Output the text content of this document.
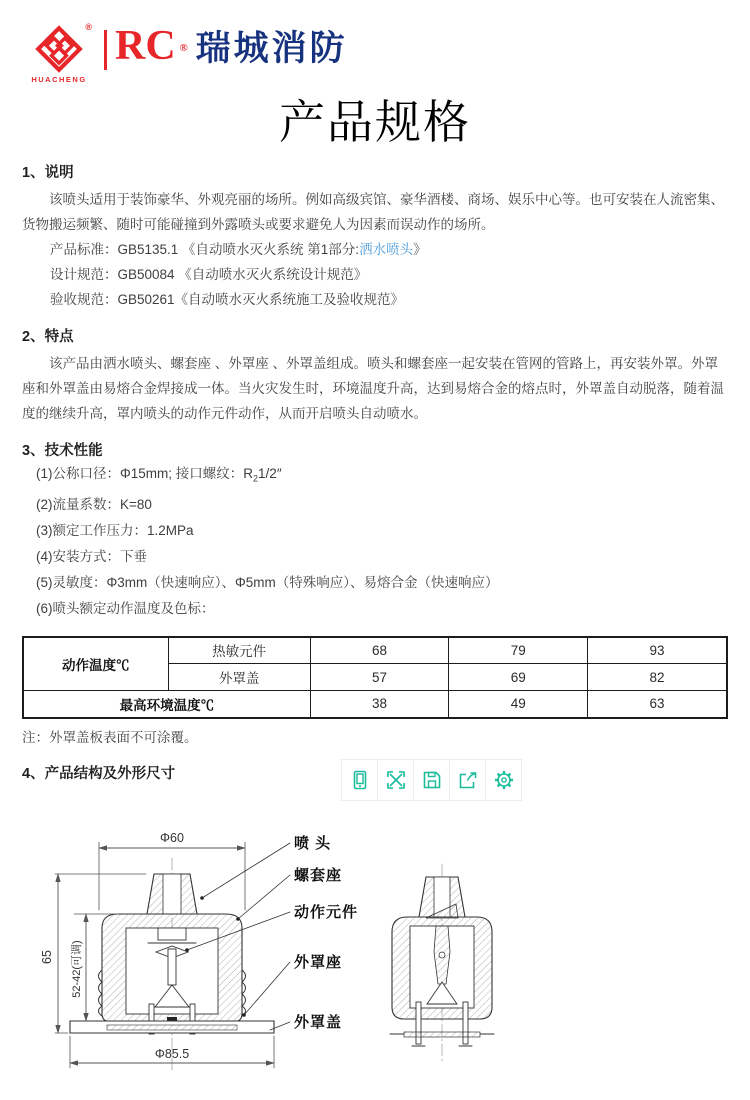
®
HUACHENG
RC ® 瑞城消防
产品规格
1、说明

该喷头适用于装饰豪华、外观亮丽的场所。例如高级宾馆、豪华酒楼、商场、娱乐中心等。也可安装在人流密集、货物搬运频繁、随时可能碰撞到外露喷头或要求避免人为因素而误动作的场所。

产品标准：GB5135.1 《自动喷水灭火系统 第1部分:洒水喷头》
设计规范：GB50084 《自动喷水灭火系统设计规范》
验收规范：GB50261《自动喷水灭火系统施工及验收规范》
2、特点

该产品由洒水喷头、螺套座 、外罩座 、外罩盖组成。喷头和螺套座一起安装在管网的管路上，再安装外罩。外罩座和外罩盖由易熔合金焊接成一体。当火灾发生时，环境温度升高，达到易熔合金的熔点时，外罩盖自动脱落，随着温度的继续升高，罩内喷头的动作元件动作，从而开启喷头自动喷水。

3、技术性能
(1)公称口径：Φ15mm; 接口螺纹：$R_21/2''$
(2)流量系数：K=80
(3)额定工作压力：1.2MPa
(4)安装方式：下垂
(5)灵敏度：Φ3mm（快速响应）、Φ5mm（特殊响应）、易熔合金（快速响应）
(6)喷头额定动作温度及色标：
动作温度℃	热敏元件	68	79	93
	外罩盖	57	69	82
最高环境温度℃		38	49	63
注：外罩盖板表面不可涂覆。
4、产品结构及外形尺寸
Φ60
65 52-42(可调)
Φ85.5
喷 头
螺套座
动作元件
外罩座
外罩盖
